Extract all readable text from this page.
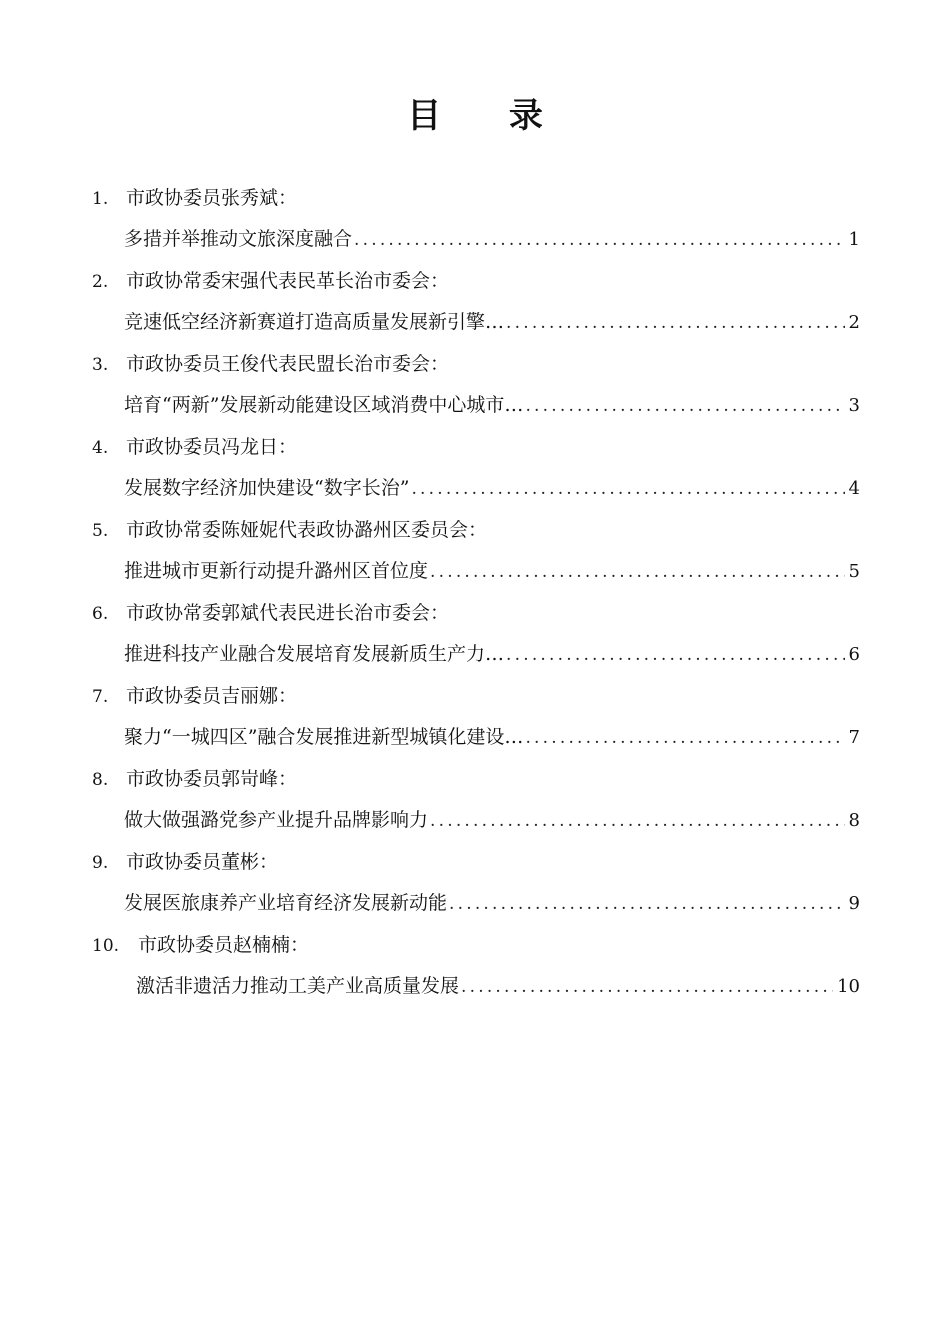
目 录
1. 市政协委员张秀斌：
多措并举推动文旅深度融合 .....	1
2. 市政协常委宋强代表民革长治市委会：
竞速低空经济新赛道打造高质量发展新引擎… .....	2
3. 市政协委员王俊代表民盟长治市委会：
培育“两新”发展新动能建设区域消费中心城市… .....	3
4. 市政协委员冯龙日：
发展数字经济加快建设“数字长治” .....	4
5. 市政协常委陈娅妮代表政协潞州区委员会：
推进城市更新行动提升潞州区首位度 .....	5
6. 市政协常委郭斌代表民进长治市委会：
推进科技产业融合发展培育发展新质生产力… .....	6
7. 市政协委员吉丽娜：
聚力“一城四区”融合发展推进新型城镇化建设… .....	7
8. 市政协委员郭岢峰：
做大做强潞党参产业提升品牌影响力 .....	8
9. 市政协委员董彬：
发展医旅康养产业培育经济发展新动能 .....	9
10. 市政协委员赵楠楠：
激活非遗活力推动工美产业高质量发展 .....	10
